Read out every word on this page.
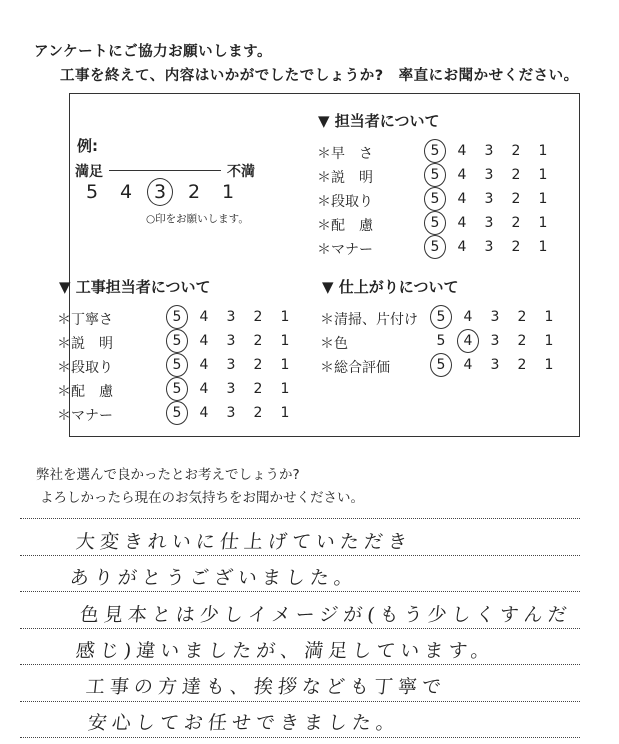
アンケートにご協力お願いします。
工事を終えて、内容はいかがでしたでしょうか?　率直にお聞かせください。
例:
満足	不満
5	4	3	2	1
○印をお願いします。
▼ 担当者について
＊早　さ	5	4	3	2	1
＊説　明	5	4	3	2	1
＊段取り	5	4	3	2	1
＊配　慮	5	4	3	2	1
＊マナー	5	4	3	2	1
▼ 工事担当者について
＊丁寧さ	5	4	3	2	1
＊説　明	5	4	3	2	1
＊段取り	5	4	3	2	1
＊配　慮	5	4	3	2	1
＊マナー	5	4	3	2	1
▼ 仕上がりについて
＊清掃、片付け	5	4	3	2	1
＊色	5	4	3	2	1
＊総合評価	5	4	3	2	1
弊社を選んで良かったとお考えでしょうか?
よろしかったら現在のお気持ちをお聞かせください。
大変きれいに仕上げていただき
ありがとうございました。
色見本とは少しイメージが(もう少しくすんだ
感じ)違いましたが、満足しています。
工事の方達も、挨拶なども丁寧で
安心してお任せできました。
